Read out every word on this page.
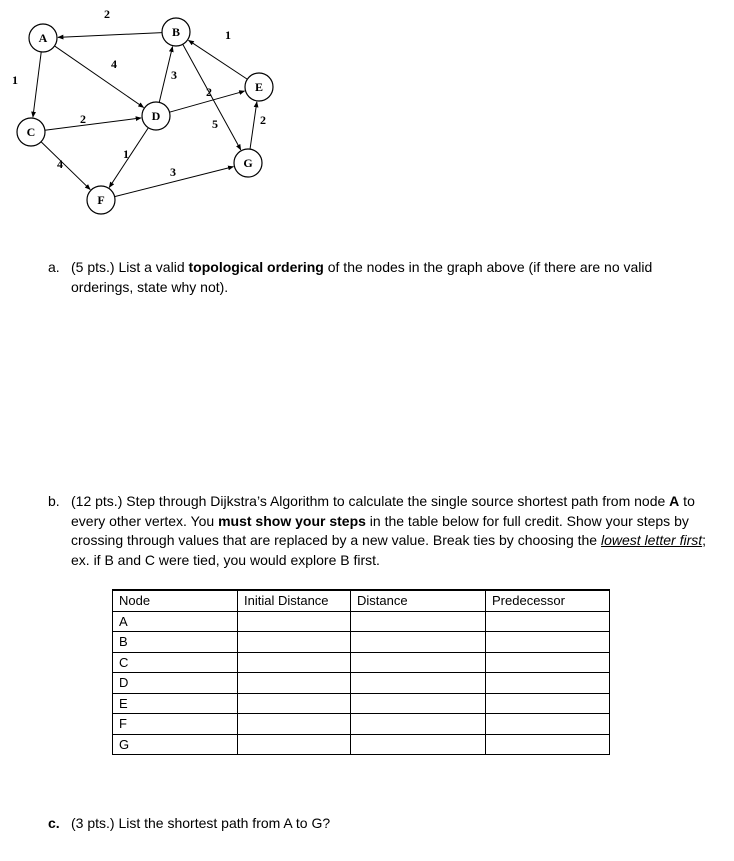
2
1
4
3
1
2
2
5	2
4
1
3
A	B
C
D
E
F
G
a. (5 pts.) List a valid topological ordering of the nodes in the graph above (if there are no valid orderings, state why not).
b. (12 pts.) Step through Dijkstra’s Algorithm to calculate the single source shortest path from node A to every other vertex. You must show your steps in the table below for full credit. Show your steps by crossing through values that are replaced by a new value. Break ties by choosing the lowest letter first; ex. if B and C were tied, you would explore B first.
Node	Initial Distance	Distance	Predecessor
A			
B			
C			
D			
E			
F			
G			
c. (3 pts.) List the shortest path from A to G?
